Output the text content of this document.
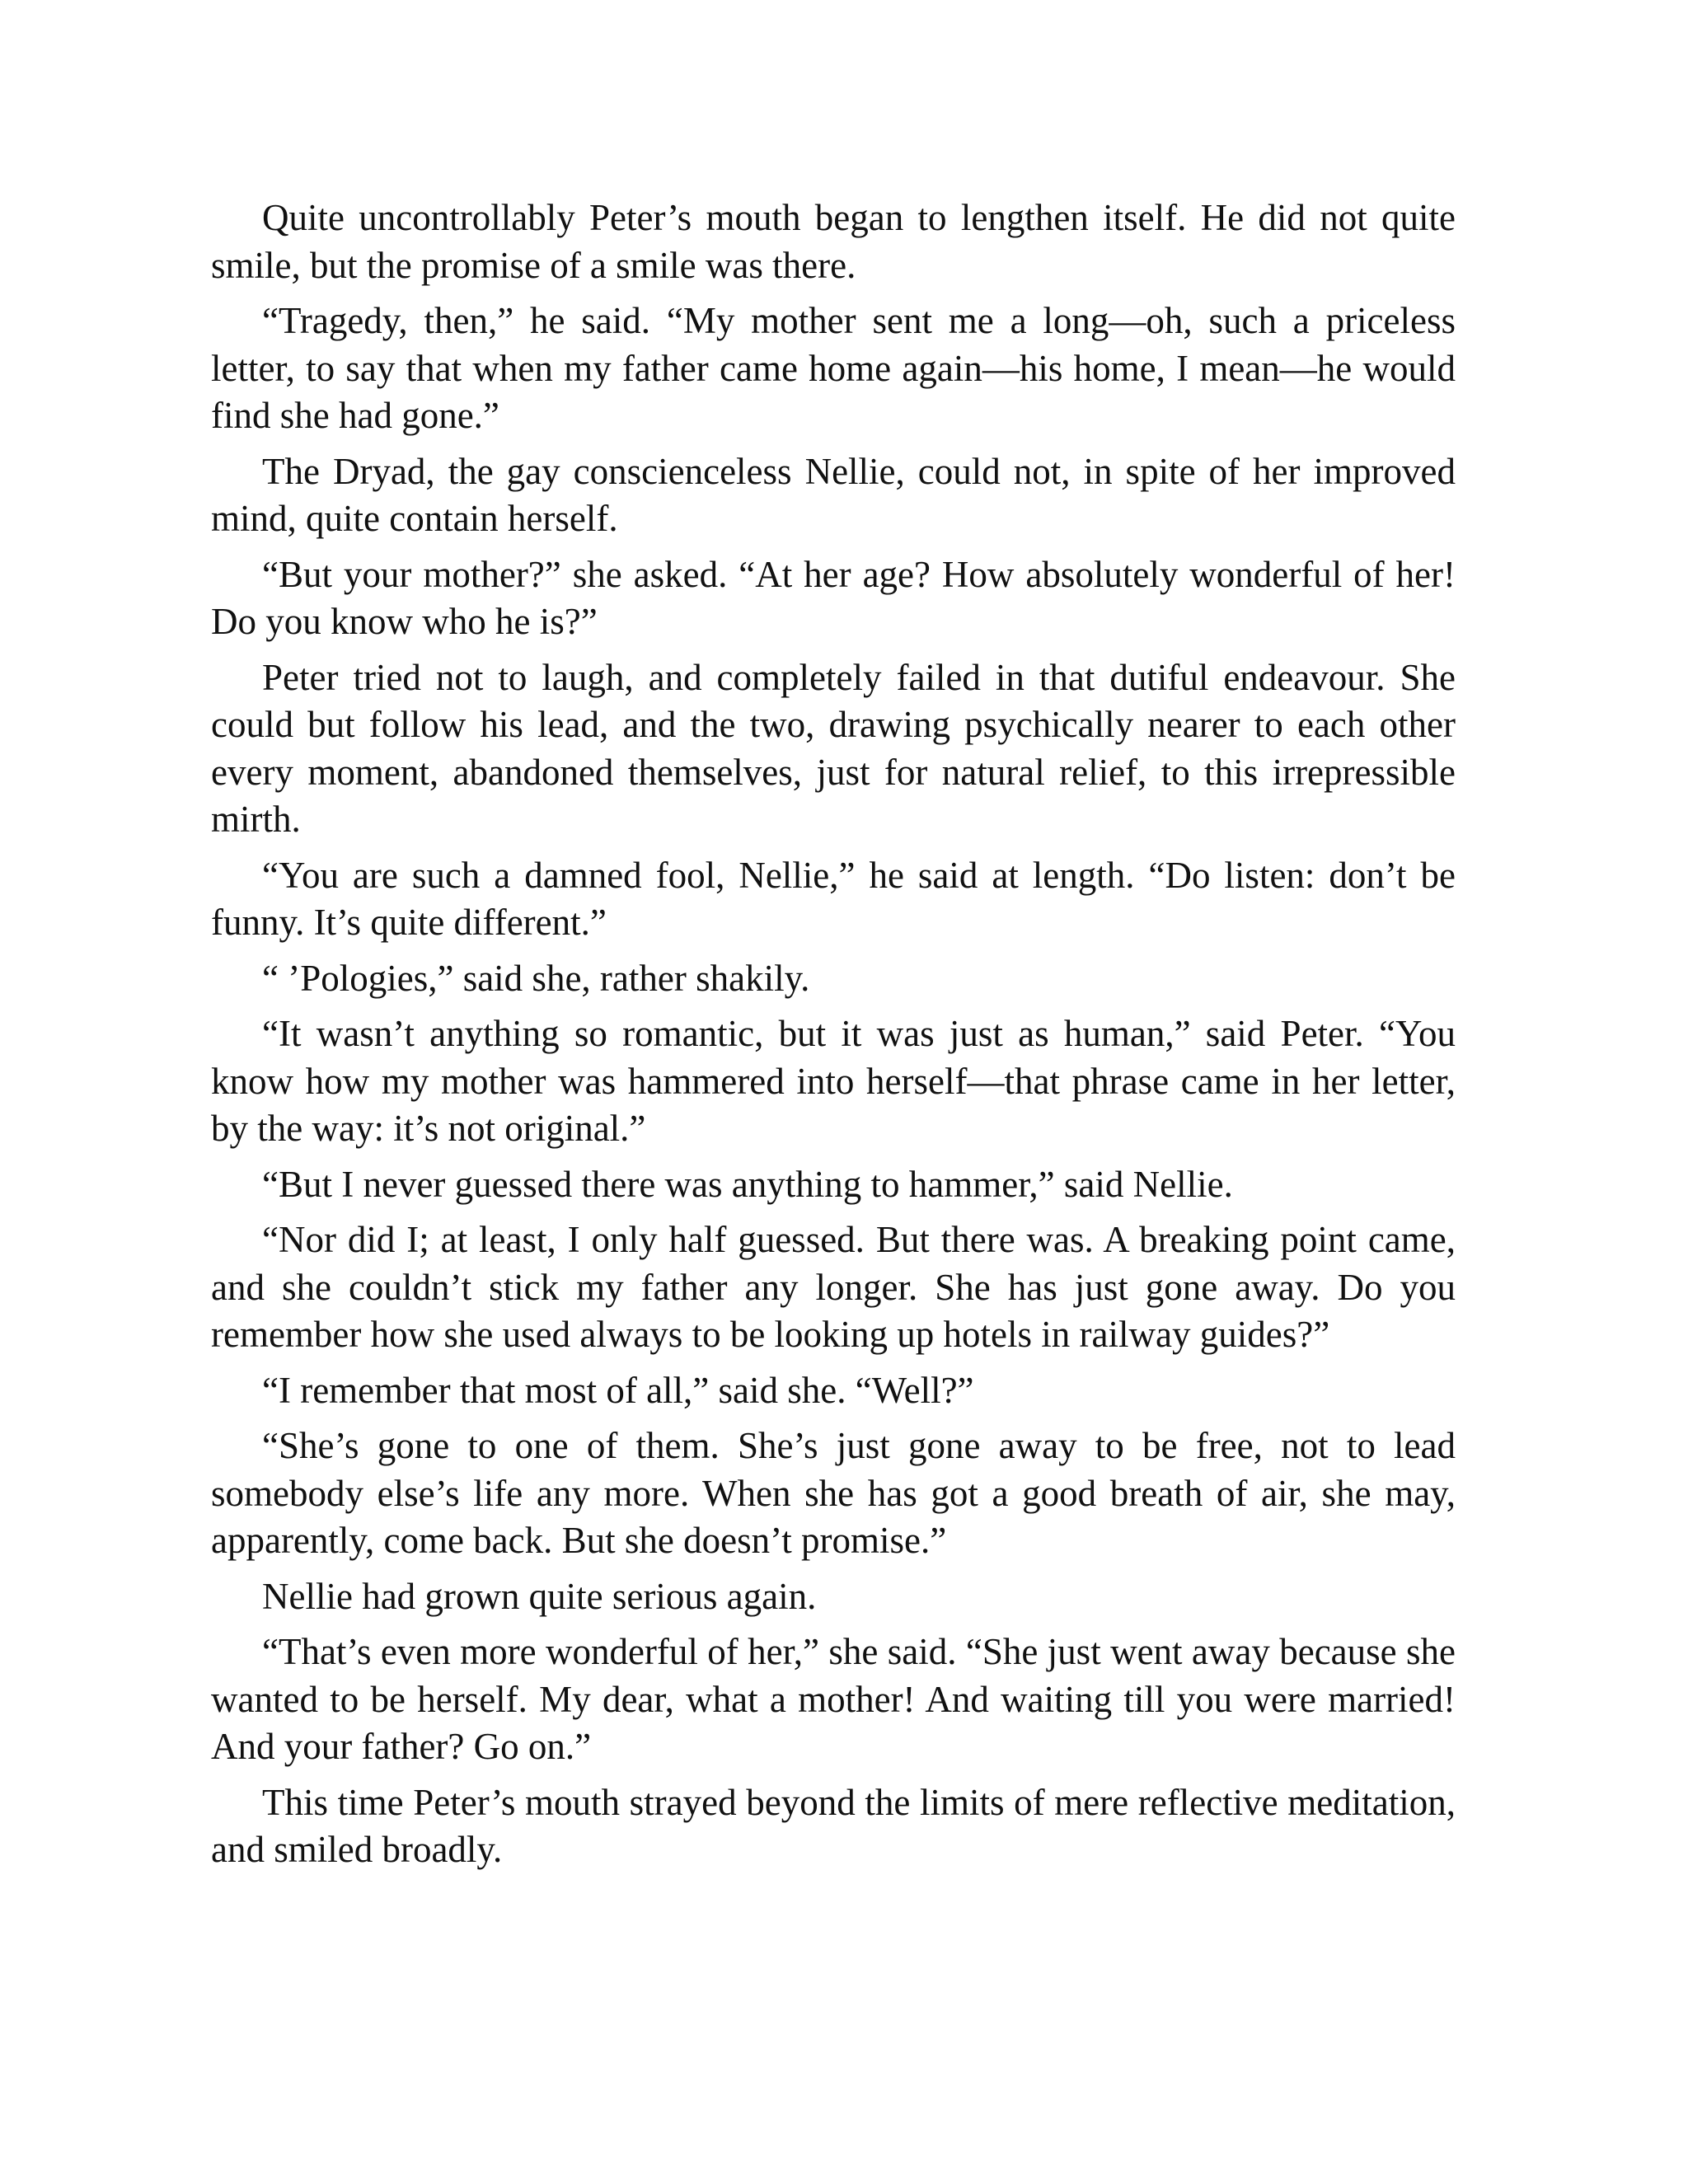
Quite uncontrollably Peter’s mouth began to lengthen itself. He did not quite smile, but the promise of a smile was there.

“Tragedy, then,” he said. “My mother sent me a long—oh, such a priceless letter, to say that when my father came home again—his home, I mean—he would find she had gone.”

The Dryad, the gay conscienceless Nellie, could not, in spite of her improved mind, quite contain herself.

“But your mother?” she asked. “At her age? How absolutely wonderful of her! Do you know who he is?”

Peter tried not to laugh, and completely failed in that dutiful endeavour. She could but follow his lead, and the two, drawing psychically nearer to each other every moment, abandoned themselves, just for natural relief, to this irrepressible mirth.

“You are such a damned fool, Nellie,” he said at length. “Do listen: don’t be funny. It’s quite different.”

“ ’Pologies,” said she, rather shakily.

“It wasn’t anything so romantic, but it was just as human,” said Peter. “You know how my mother was hammered into herself—that phrase came in her letter, by the way: it’s not original.”

“But I never guessed there was anything to hammer,” said Nellie.

“Nor did I; at least, I only half guessed. But there was. A breaking point came, and she couldn’t stick my father any longer. She has just gone away. Do you remember how she used always to be looking up hotels in railway guides?”

“I remember that most of all,” said she. “Well?”

“She’s gone to one of them. She’s just gone away to be free, not to lead somebody else’s life any more. When she has got a good breath of air, she may, apparently, come back. But she doesn’t promise.”

Nellie had grown quite serious again.

“That’s even more wonderful of her,” she said. “She just went away because she wanted to be herself. My dear, what a mother! And waiting till you were married! And your father? Go on.”

This time Peter’s mouth strayed beyond the limits of mere reflective meditation, and smiled broadly.
